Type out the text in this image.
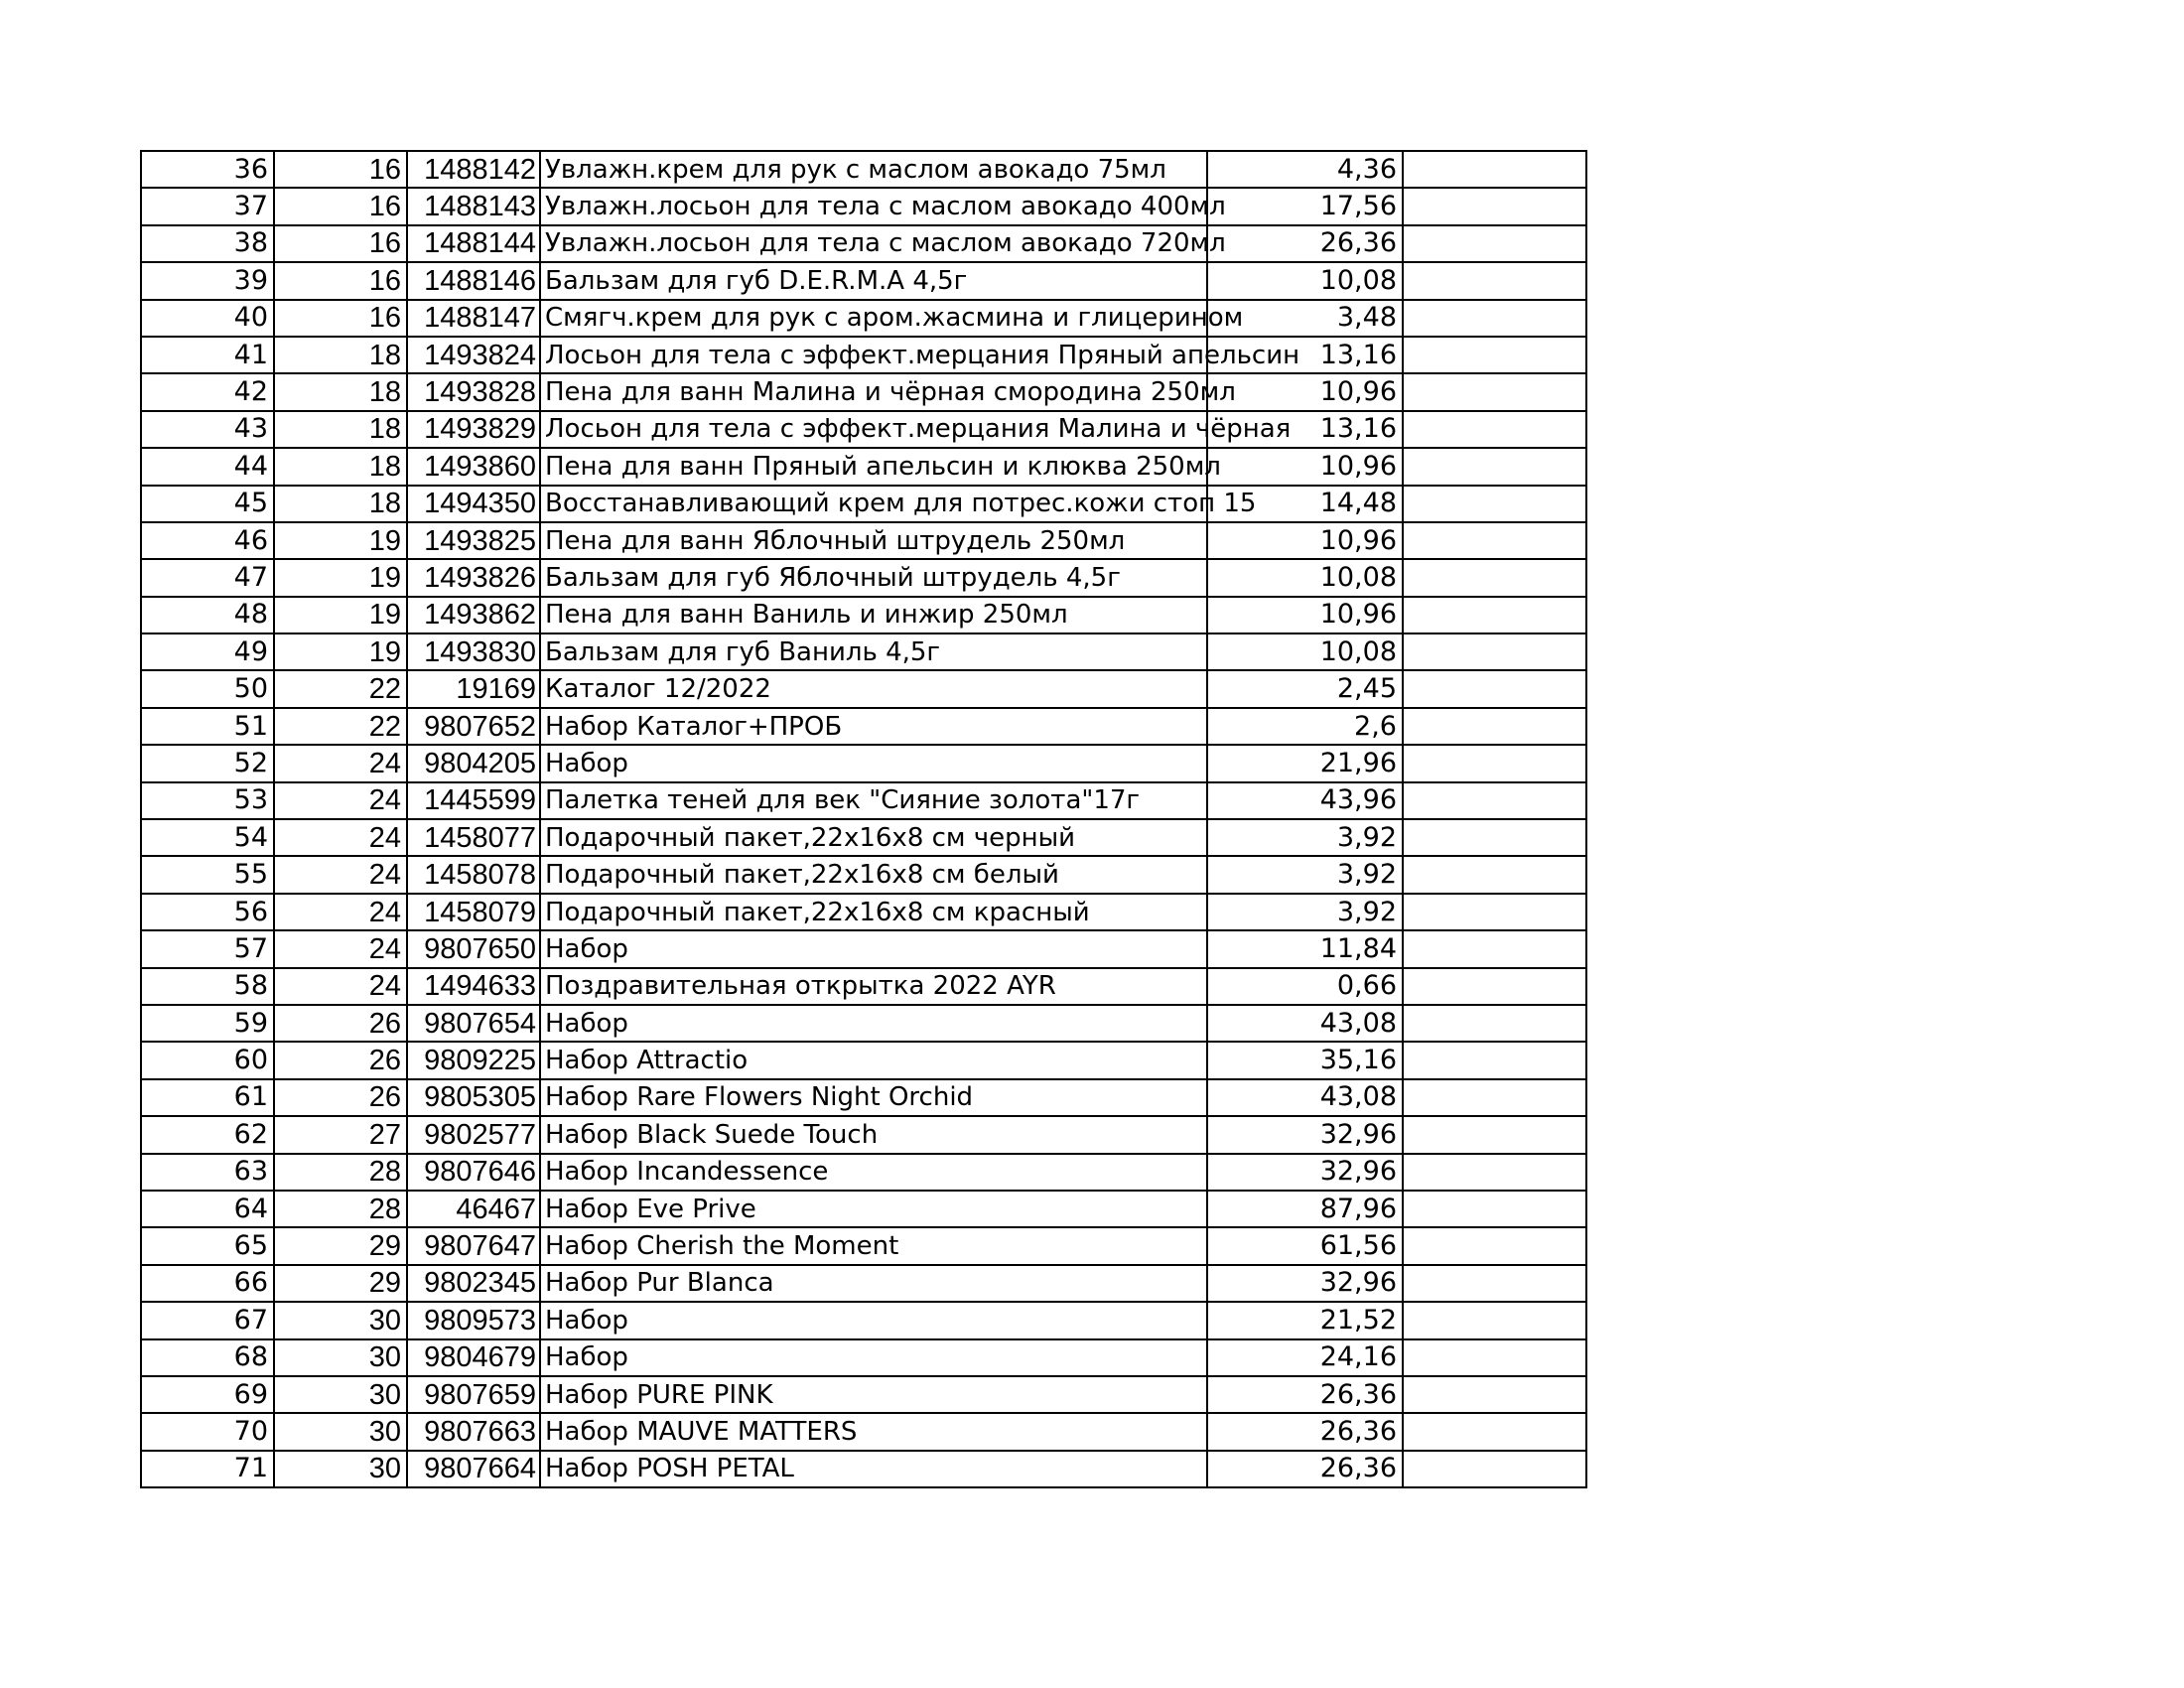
36	16	1488142	Увлажн.крем для рук с маслом авокадо 75мл	4,36	
37	16	1488143	Увлажн.лосьон для тела с маслом авокадо 400мл	17,56	
38	16	1488144	Увлажн.лосьон для тела с маслом авокадо 720мл	26,36	
39	16	1488146	Бальзам для губ D.E.R.M.A 4,5г	10,08	
40	16	1488147	Смягч.крем для рук с аром.жасмина и глицерином	3,48	
41	18	1493824	Лосьон для тела с эффект.мерцания Пряный апельсин	13,16	
42	18	1493828	Пена для ванн Малина и чёрная смородина 250мл	10,96	
43	18	1493829	Лосьон для тела с эффект.мерцания Малина и чёрная	13,16	
44	18	1493860	Пена для ванн Пряный апельсин и клюква 250мл	10,96	
45	18	1494350	Восстанавливающий крем для потрес.кожи стоп 15	14,48	
46	19	1493825	Пена для ванн Яблочный штрудель 250мл	10,96	
47	19	1493826	Бальзам для губ Яблочный штрудель 4,5г	10,08	
48	19	1493862	Пена для ванн Ваниль и инжир 250мл	10,96	
49	19	1493830	Бальзам для губ Ваниль 4,5г	10,08	
50	22	19169	Каталог 12/2022	2,45	
51	22	9807652	Набор Каталог+ПРОБ	2,6	
52	24	9804205	Набор	21,96	
53	24	1445599	Палетка теней для век "Сияние золота"17г	43,96	
54	24	1458077	Подарочный пакет,22х16х8 см черный	3,92	
55	24	1458078	Подарочный пакет,22х16х8 см белый	3,92	
56	24	1458079	Подарочный пакет,22х16х8 см красный	3,92	
57	24	9807650	Набор	11,84	
58	24	1494633	Поздравительная открытка 2022 AYR	0,66	
59	26	9807654	Набор	43,08	
60	26	9809225	Набор Attractio	35,16	
61	26	9805305	Набор Rare Flowers Night Orchid	43,08	
62	27	9802577	Набор Black Suede Touch	32,96	
63	28	9807646	Набор Incandessence	32,96	
64	28	46467	Набор Eve Prive	87,96	
65	29	9807647	Набор Cherish the Moment	61,56	
66	29	9802345	Набор Pur Blanca	32,96	
67	30	9809573	Набор	21,52	
68	30	9804679	Набор	24,16	
69	30	9807659	Набор PURE PINK	26,36	
70	30	9807663	Набор MAUVE MATTERS	26,36	
71	30	9807664	Набор POSH PETAL	26,36	
